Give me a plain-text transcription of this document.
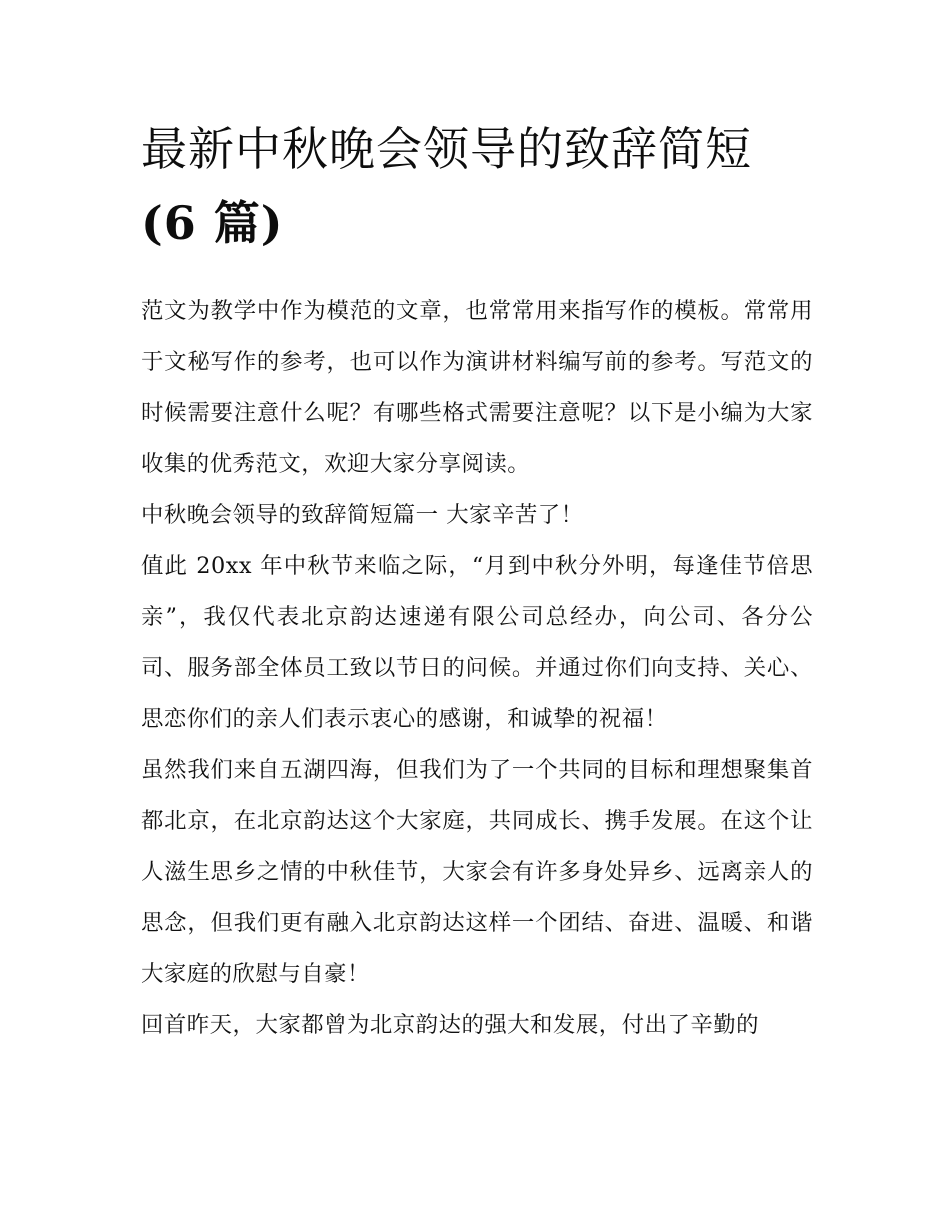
最新中秋晚会领导的致辞简短
(6 篇)

范文为教学中作为模范的文章，也常常用来指写作的模板。常常用于文秘写作的参考，也可以作为演讲材料编写前的参考。写范文的时候需要注意什么呢？有哪些格式需要注意呢？以下是小编为大家收集的优秀范文，欢迎大家分享阅读。

中秋晚会领导的致辞简短篇一 大家辛苦了！

值此 20xx 年中秋节来临之际，“月到中秋分外明，每逢佳节倍思亲”，我仅代表北京韵达速递有限公司总经办，向公司、各分公司、服务部全体员工致以节日的问候。并通过你们向支持、关心、思恋你们的亲人们表示衷心的感谢，和诚挚的祝福！

虽然我们来自五湖四海，但我们为了一个共同的目标和理想聚集首都北京，在北京韵达这个大家庭，共同成长、携手发展。在这个让人滋生思乡之情的中秋佳节，大家会有许多身处异乡、远离亲人的思念，但我们更有融入北京韵达这样一个团结、奋进、温暖、和谐大家庭的欣慰与自豪！

回首昨天，大家都曾为北京韵达的强大和发展，付出了辛勤的
